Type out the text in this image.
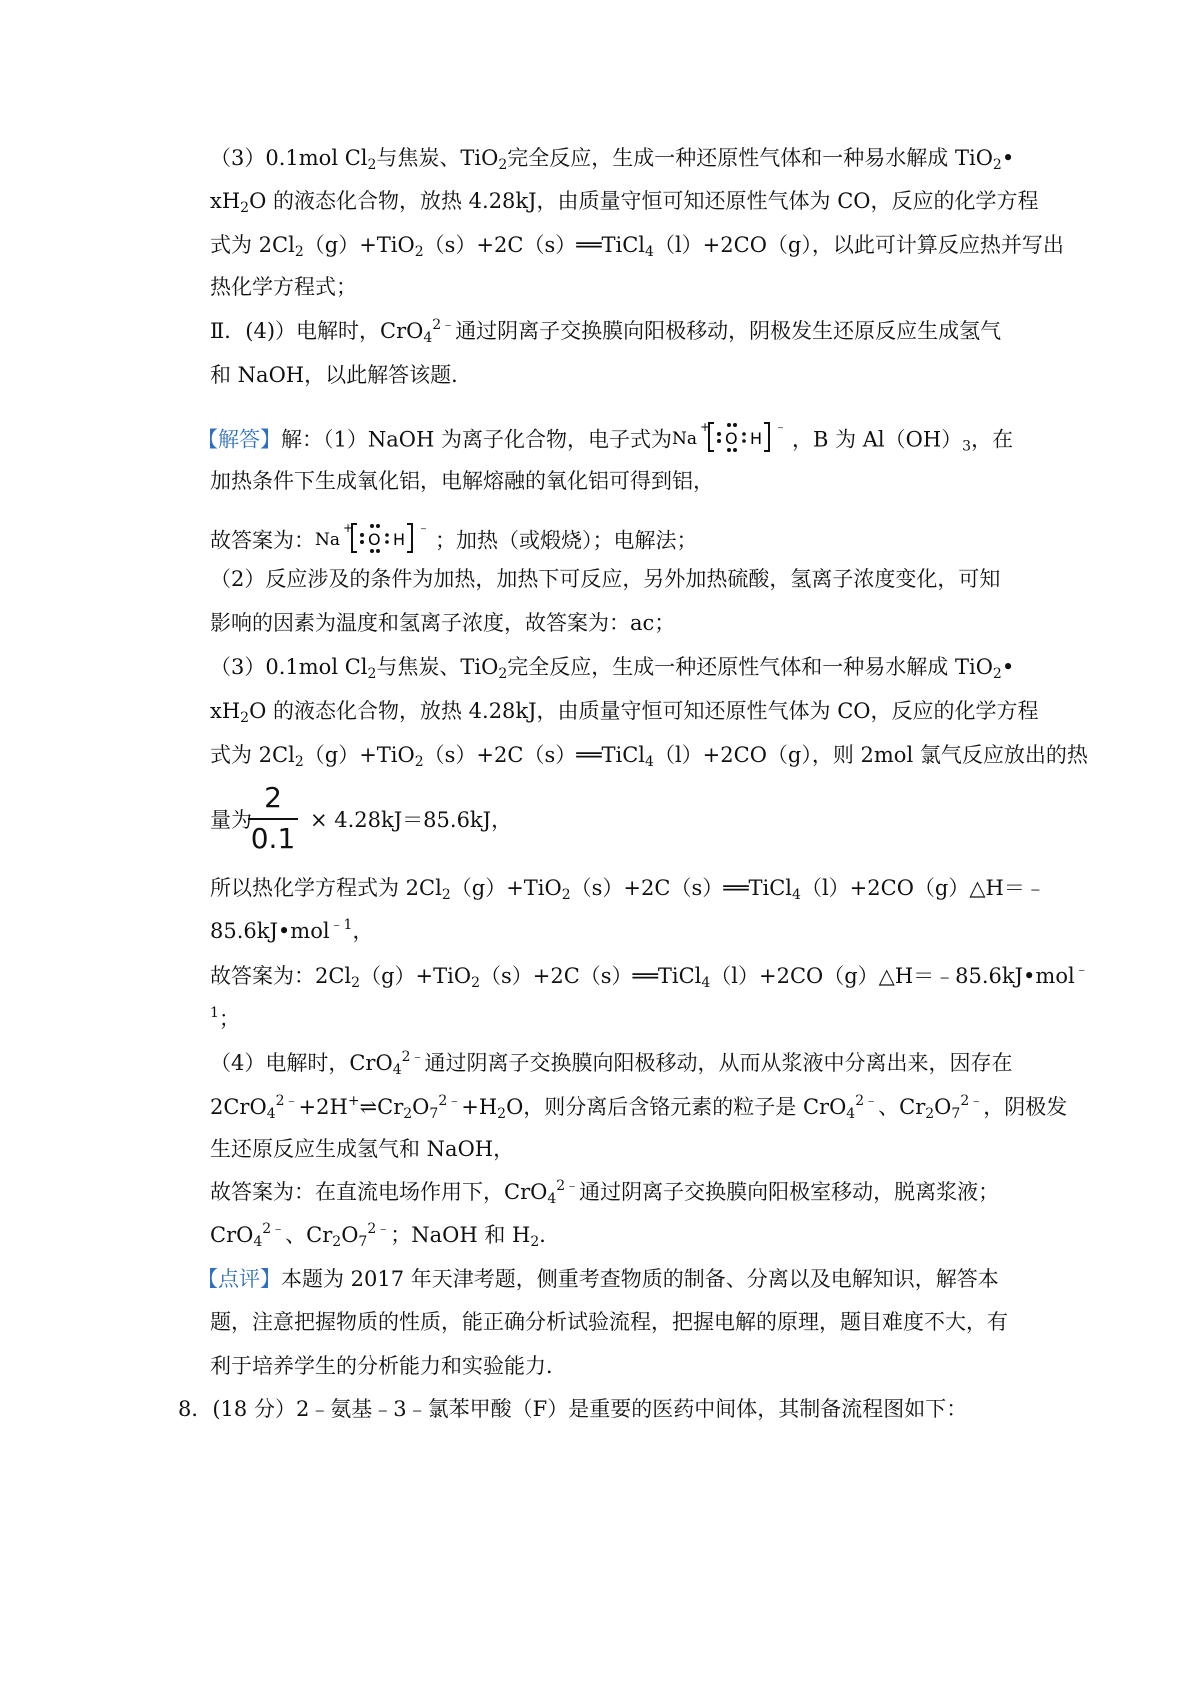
（3）0.1mol $Cl_2$与焦炭、TiO$_2$完全反应，生成一种还原性气体和一种易水解成 TiO$_2$•
$xH_2O$ 的液态化合物，放热 4.28kJ，由质量守恒可知还原性气体为 CO，反应的化学方程
式为 $2Cl_2(g)+TiO_2(s)+2C(s)══TiCl_4(l)+2CO(g)$，以此可计算反应热并写出
热化学方程式；
Ⅱ．(4)）电解时，CrO$_4^{2﹣}$通过阴离子交换膜向阳极移动，阴极发生还原反应生成氢气
和 NaOH，以此解答该题．
【解答】解：（1）NaOH 为离子化合物，电子式为 Na
+
O H
﹣ ，B 为 $Al(OH)_3$，在
加热条件下生成氧化铝，电解熔融的氧化铝可得到铝，
故答案为： Na
+
O H
﹣ ；加热（或煅烧）；电解法；
（2）反应涉及的条件为加热，加热下可反应，另外加热硫酸，氢离子浓度变化，可知
影响的因素为温度和氢离子浓度，故答案为：ac；
（3）0.1mol $Cl_2$与焦炭、TiO$_2$完全反应，生成一种还原性气体和一种易水解成 TiO$_2$•
$xH_2O$ 的液态化合物，放热 4.28kJ，由质量守恒可知还原性气体为 CO，反应的化学方程
式为 $2Cl_2(g)+TiO_2(s)+2C(s)══TiCl_4(l)+2CO(g)$，则 2mol 氯气反应放出的热
2
0.1
量为	× 4.28kJ＝85.6kJ，
所以热化学方程式为 $2Cl_2(g)+TiO_2(s)+2C(s)══TiCl_4(l)+2CO(g)\triangle H=﹣$
85.6kJ•mol$^{﹣1}$，
故答案为：$2Cl_2(g)+TiO_2(s)+2C(s)══TiCl_4(l)+2CO(g)\triangle H=﹣85.6kJ•mol^﹣$
$^1$；
（4）电解时，CrO$_4^{2﹣}$通过阴离子交换膜向阳极移动，从而从浆液中分离出来，因存在
$2CrO_4^{2﹣}+2H^+\rightleftharpoons Cr_2O_7^{2﹣}+H_2O$，则分离后含铬元素的粒子是 CrO$_4^{2﹣}$、$Cr_2O_7^{2﹣}$，阴极发
生还原反应生成氢气和 NaOH，
故答案为：在直流电场作用下，CrO$_4^{2﹣}$通过阴离子交换膜向阳极室移动，脱离浆液；
CrO$_4^{2﹣}$、$Cr_2O_7^{2﹣}$；NaOH 和 $H_2$．
【点评】本题为 2017 年天津考题，侧重考查物质的制备、分离以及电解知识，解答本
题，注意把握物质的性质，能正确分析试验流程，把握电解的原理，题目难度不大，有
利于培养学生的分析能力和实验能力．
8．(18 分）2﹣氨基﹣3﹣氯苯甲酸（F）是重要的医药中间体，其制备流程图如下：
